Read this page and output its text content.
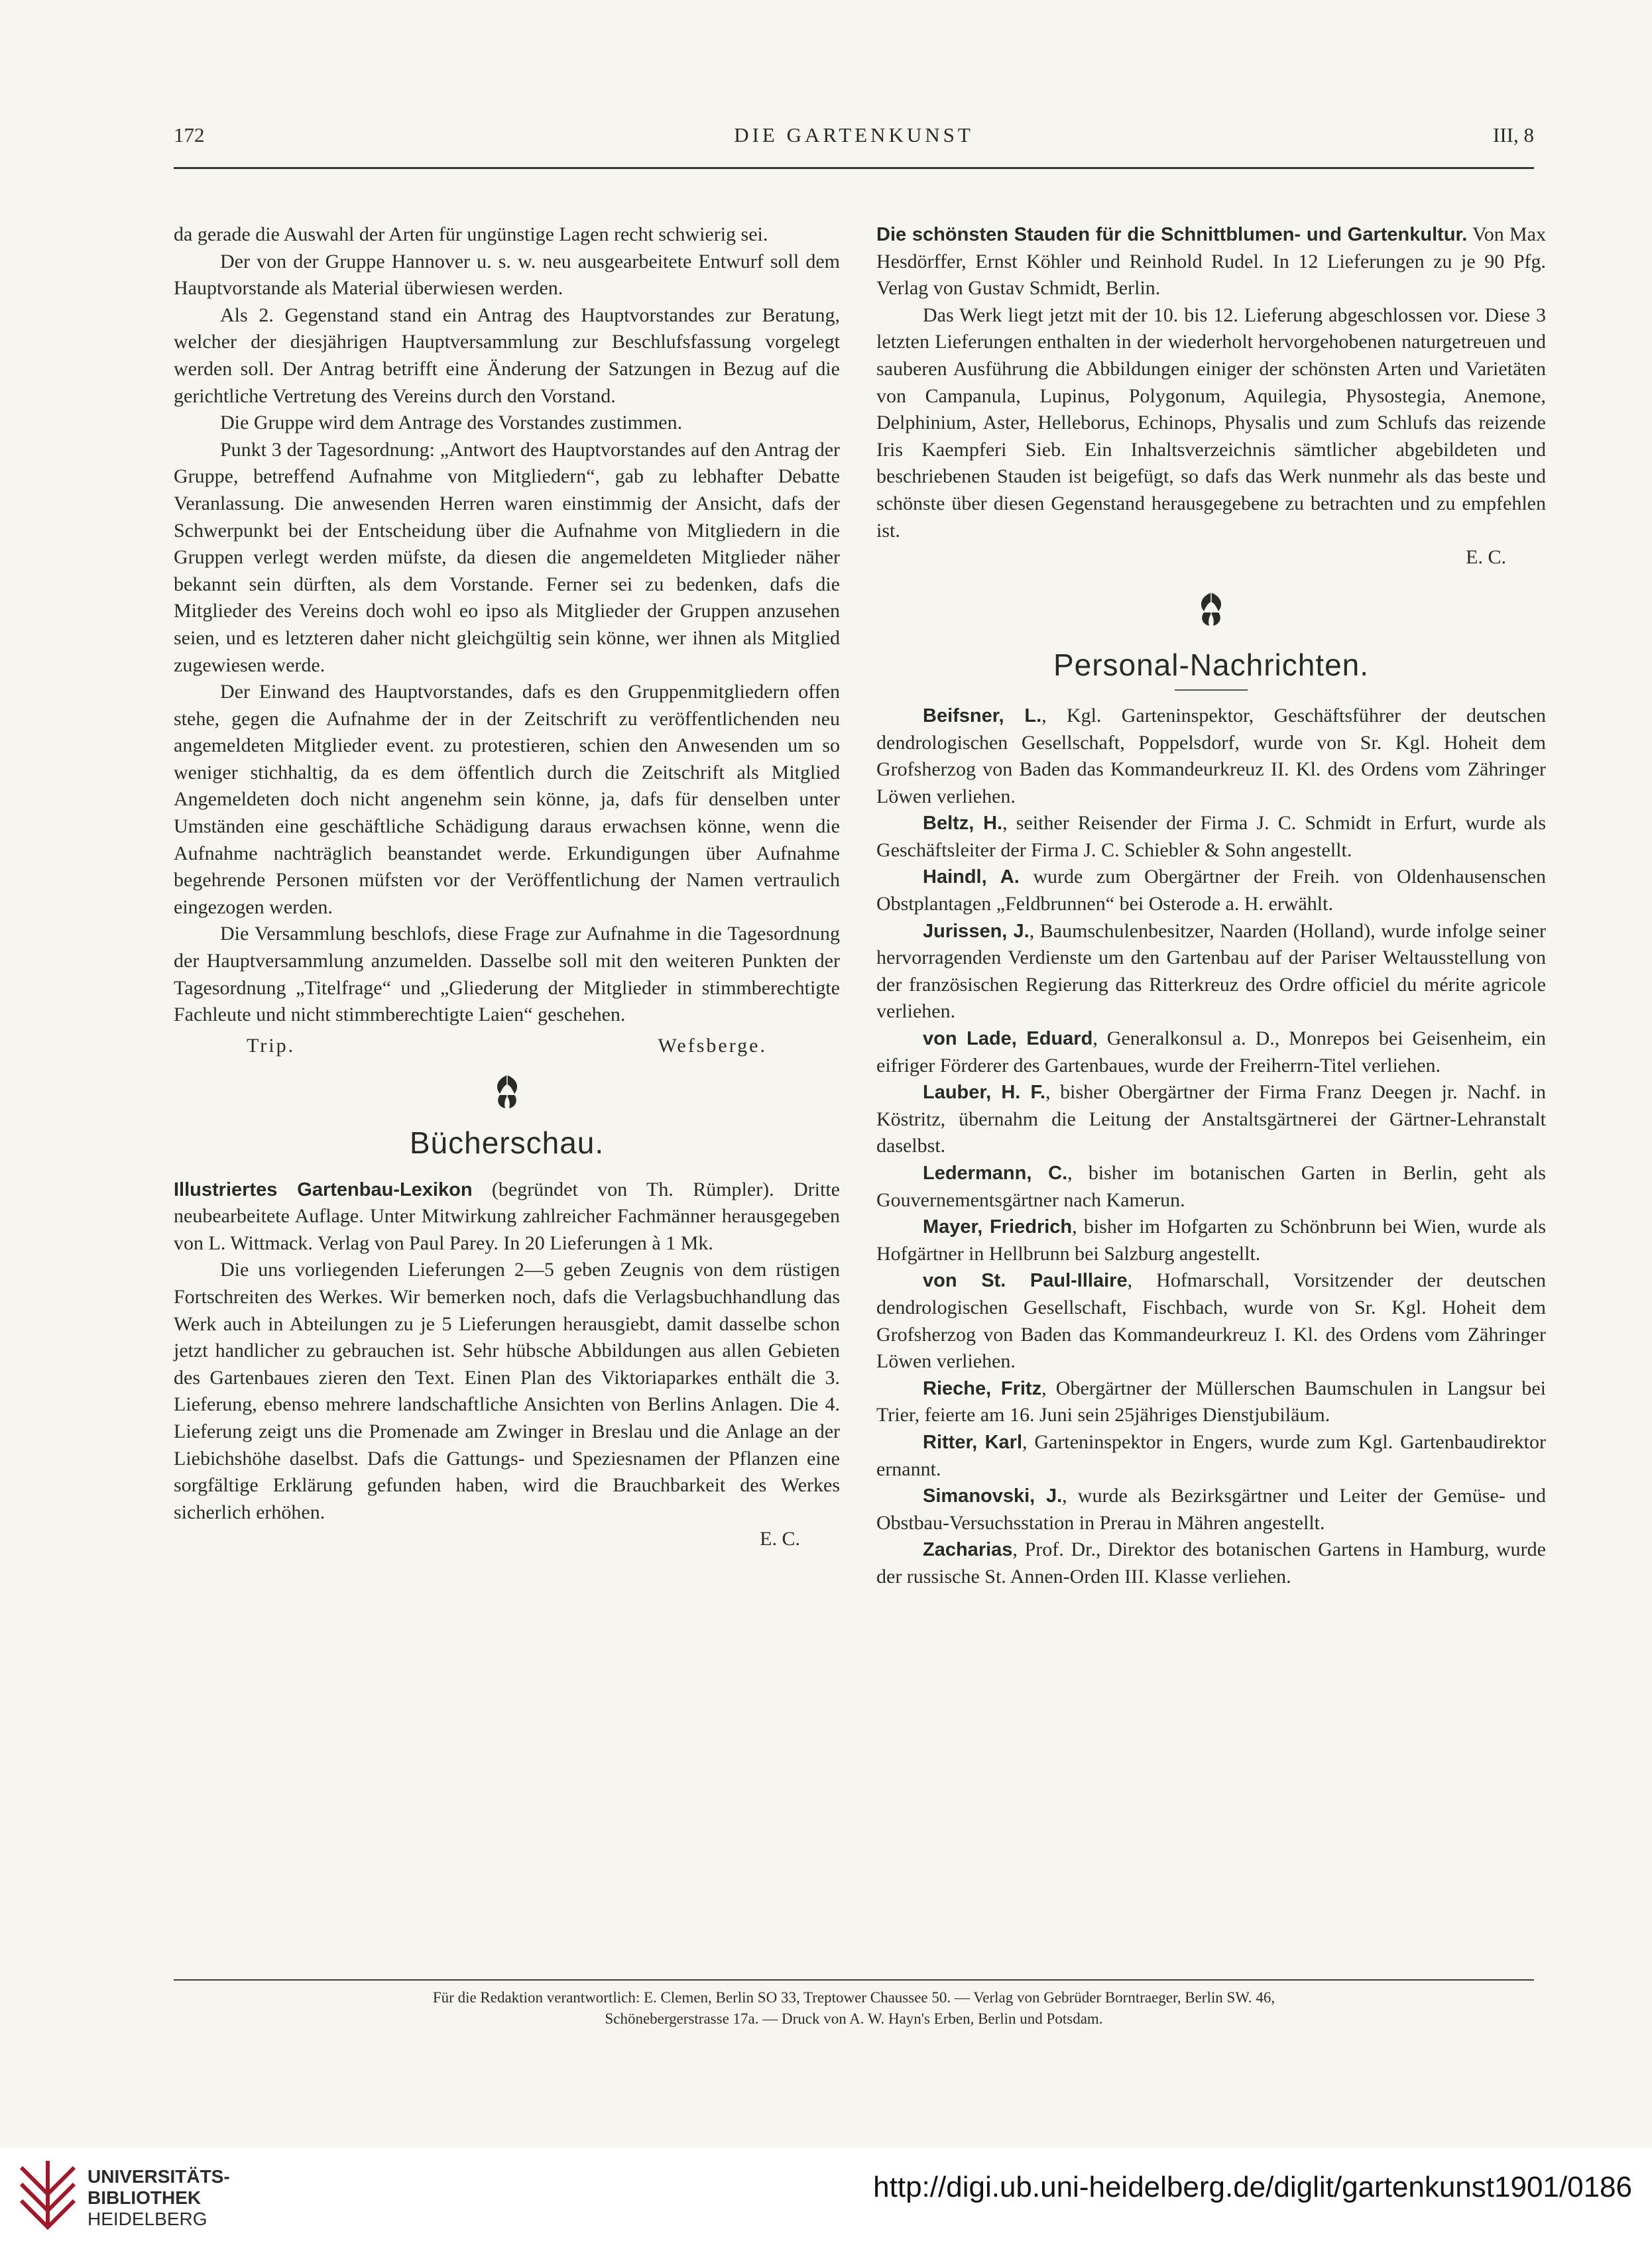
172	DIE GARTENKUNST	III, 8

da gerade die Auswahl der Arten für ungünstige Lagen recht schwierig sei.

Der von der Gruppe Hannover u. s. w. neu ausgearbeitete Entwurf soll dem Hauptvorstande als Material überwiesen werden.

Als 2. Gegenstand stand ein Antrag des Hauptvorstandes zur Beratung, welcher der diesjährigen Hauptversammlung zur Beschlufsfassung vorgelegt werden soll. Der Antrag betrifft eine Änderung der Satzungen in Bezug auf die gerichtliche Vertretung des Vereins durch den Vorstand.

Die Gruppe wird dem Antrage des Vorstandes zustimmen.

Punkt 3 der Tagesordnung: „Antwort des Hauptvorstandes auf den Antrag der Gruppe, betreffend Aufnahme von Mitgliedern“, gab zu lebhafter Debatte Veranlassung. Die anwesenden Herren waren einstimmig der Ansicht, dafs der Schwerpunkt bei der Entscheidung über die Aufnahme von Mitgliedern in die Gruppen verlegt werden müfste, da diesen die angemeldeten Mitglieder näher bekannt sein dürften, als dem Vorstande. Ferner sei zu bedenken, dafs die Mitglieder des Vereins doch wohl eo ipso als Mitglieder der Gruppen anzusehen seien, und es letzteren daher nicht gleichgültig sein könne, wer ihnen als Mitglied zugewiesen werde.

Der Einwand des Hauptvorstandes, dafs es den Gruppenmitgliedern offen stehe, gegen die Aufnahme der in der Zeitschrift zu veröffentlichenden neu angemeldeten Mitglieder event. zu protestieren, schien den Anwesenden um so weniger stichhaltig, da es dem öffentlich durch die Zeitschrift als Mitglied Angemeldeten doch nicht angenehm sein könne, ja, dafs für denselben unter Umständen eine geschäftliche Schädigung daraus erwachsen könne, wenn die Aufnahme nachträglich beanstandet werde. Erkundigungen über Aufnahme begehrende Personen müfsten vor der Veröffentlichung der Namen vertraulich eingezogen werden.

Die Versammlung beschlofs, diese Frage zur Aufnahme in die Tagesordnung der Hauptversammlung anzumelden. Dasselbe soll mit den weiteren Punkten der Tagesordnung „Titelfrage“ und „Gliederung der Mitglieder in stimmberechtigte Fachleute und nicht stimmberechtigte Laien“ geschehen.

Trip.	Wefsberge.
Bücherschau.

Illustriertes Gartenbau-Lexikon (begründet von Th. Rümpler). Dritte neubearbeitete Auflage. Unter Mitwirkung zahlreicher Fachmänner herausgegeben von L. Wittmack. Verlag von Paul Parey. In 20 Lieferungen à 1 Mk.

Die uns vorliegenden Lieferungen 2—5 geben Zeugnis von dem rüstigen Fortschreiten des Werkes. Wir bemerken noch, dafs die Verlagsbuchhandlung das Werk auch in Abteilungen zu je 5 Lieferungen herausgiebt, damit dasselbe schon jetzt handlicher zu gebrauchen ist. Sehr hübsche Abbildungen aus allen Gebieten des Gartenbaues zieren den Text. Einen Plan des Viktoriaparkes enthält die 3. Lieferung, ebenso mehrere landschaftliche Ansichten von Berlins Anlagen. Die 4. Lieferung zeigt uns die Promenade am Zwinger in Breslau und die Anlage an der Liebichshöhe daselbst. Dafs die Gattungs- und Speziesnamen der Pflanzen eine sorgfältige Erklärung gefunden haben, wird die Brauchbarkeit des Werkes sicherlich erhöhen.

E. C.

Die schönsten Stauden für die Schnittblumen- und Gartenkultur. Von Max Hesdörffer, Ernst Köhler und Reinhold Rudel. In 12 Lieferungen zu je 90 Pfg. Verlag von Gustav Schmidt, Berlin.

Das Werk liegt jetzt mit der 10. bis 12. Lieferung abgeschlossen vor. Diese 3 letzten Lieferungen enthalten in der wiederholt hervorgehobenen naturgetreuen und sauberen Ausführung die Abbildungen einiger der schönsten Arten und Varietäten von Campanula, Lupinus, Polygonum, Aquilegia, Physostegia, Anemone, Delphinium, Aster, Helleborus, Echinops, Physalis und zum Schlufs das reizende Iris Kaempferi Sieb. Ein Inhaltsverzeichnis sämtlicher abgebildeten und beschriebenen Stauden ist beigefügt, so dafs das Werk nunmehr als das beste und schönste über diesen Gegenstand herausgegebene zu betrachten und zu empfehlen ist.

E. C.
Personal-Nachrichten.

Beifsner, L., Kgl. Garteninspektor, Geschäftsführer der deutschen dendrologischen Gesellschaft, Poppelsdorf, wurde von Sr. Kgl. Hoheit dem Grofsherzog von Baden das Kommandeurkreuz II. Kl. des Ordens vom Zähringer Löwen verliehen.

Beltz, H., seither Reisender der Firma J. C. Schmidt in Erfurt, wurde als Geschäftsleiter der Firma J. C. Schiebler & Sohn angestellt.

Haindl, A. wurde zum Obergärtner der Freih. von Oldenhausenschen Obstplantagen „Feldbrunnen“ bei Osterode a. H. erwählt.

Jurissen, J., Baumschulenbesitzer, Naarden (Holland), wurde infolge seiner hervorragenden Verdienste um den Gartenbau auf der Pariser Weltausstellung von der französischen Regierung das Ritterkreuz des Ordre officiel du mérite agricole verliehen.

von Lade, Eduard, Generalkonsul a. D., Monrepos bei Geisenheim, ein eifriger Förderer des Gartenbaues, wurde der Freiherrn-Titel verliehen.

Lauber, H. F., bisher Obergärtner der Firma Franz Deegen jr. Nachf. in Köstritz, übernahm die Leitung der Anstaltsgärtnerei der Gärtner-Lehranstalt daselbst.

Ledermann, C., bisher im botanischen Garten in Berlin, geht als Gouvernementsgärtner nach Kamerun.

Mayer, Friedrich, bisher im Hofgarten zu Schönbrunn bei Wien, wurde als Hofgärtner in Hellbrunn bei Salzburg angestellt.

von St. Paul-Illaire, Hofmarschall, Vorsitzender der deutschen dendrologischen Gesellschaft, Fischbach, wurde von Sr. Kgl. Hoheit dem Grofsherzog von Baden das Kommandeurkreuz I. Kl. des Ordens vom Zähringer Löwen verliehen.

Rieche, Fritz, Obergärtner der Müllerschen Baumschulen in Langsur bei Trier, feierte am 16. Juni sein 25jähriges Dienstjubiläum.

Ritter, Karl, Garteninspektor in Engers, wurde zum Kgl. Gartenbaudirektor ernannt.

Simanovski, J., wurde als Bezirksgärtner und Leiter der Gemüse- und Obstbau-Versuchsstation in Prerau in Mähren angestellt.

Zacharias, Prof. Dr., Direktor des botanischen Gartens in Hamburg, wurde der russische St. Annen-Orden III. Klasse verliehen.

Für die Redaktion verantwortlich: E. Clemen, Berlin SO 33, Treptower Chaussee 50. — Verlag von Gebrüder Borntraeger, Berlin SW. 46,
Schönebergerstrasse 17a. — Druck von A. W. Hayn's Erben, Berlin und Potsdam.
UNIVERSITÄTS-
BIBLIOTHEK
HEIDELBERG
http://digi.ub.uni-heidelberg.de/diglit/gartenkunst1901/0186
